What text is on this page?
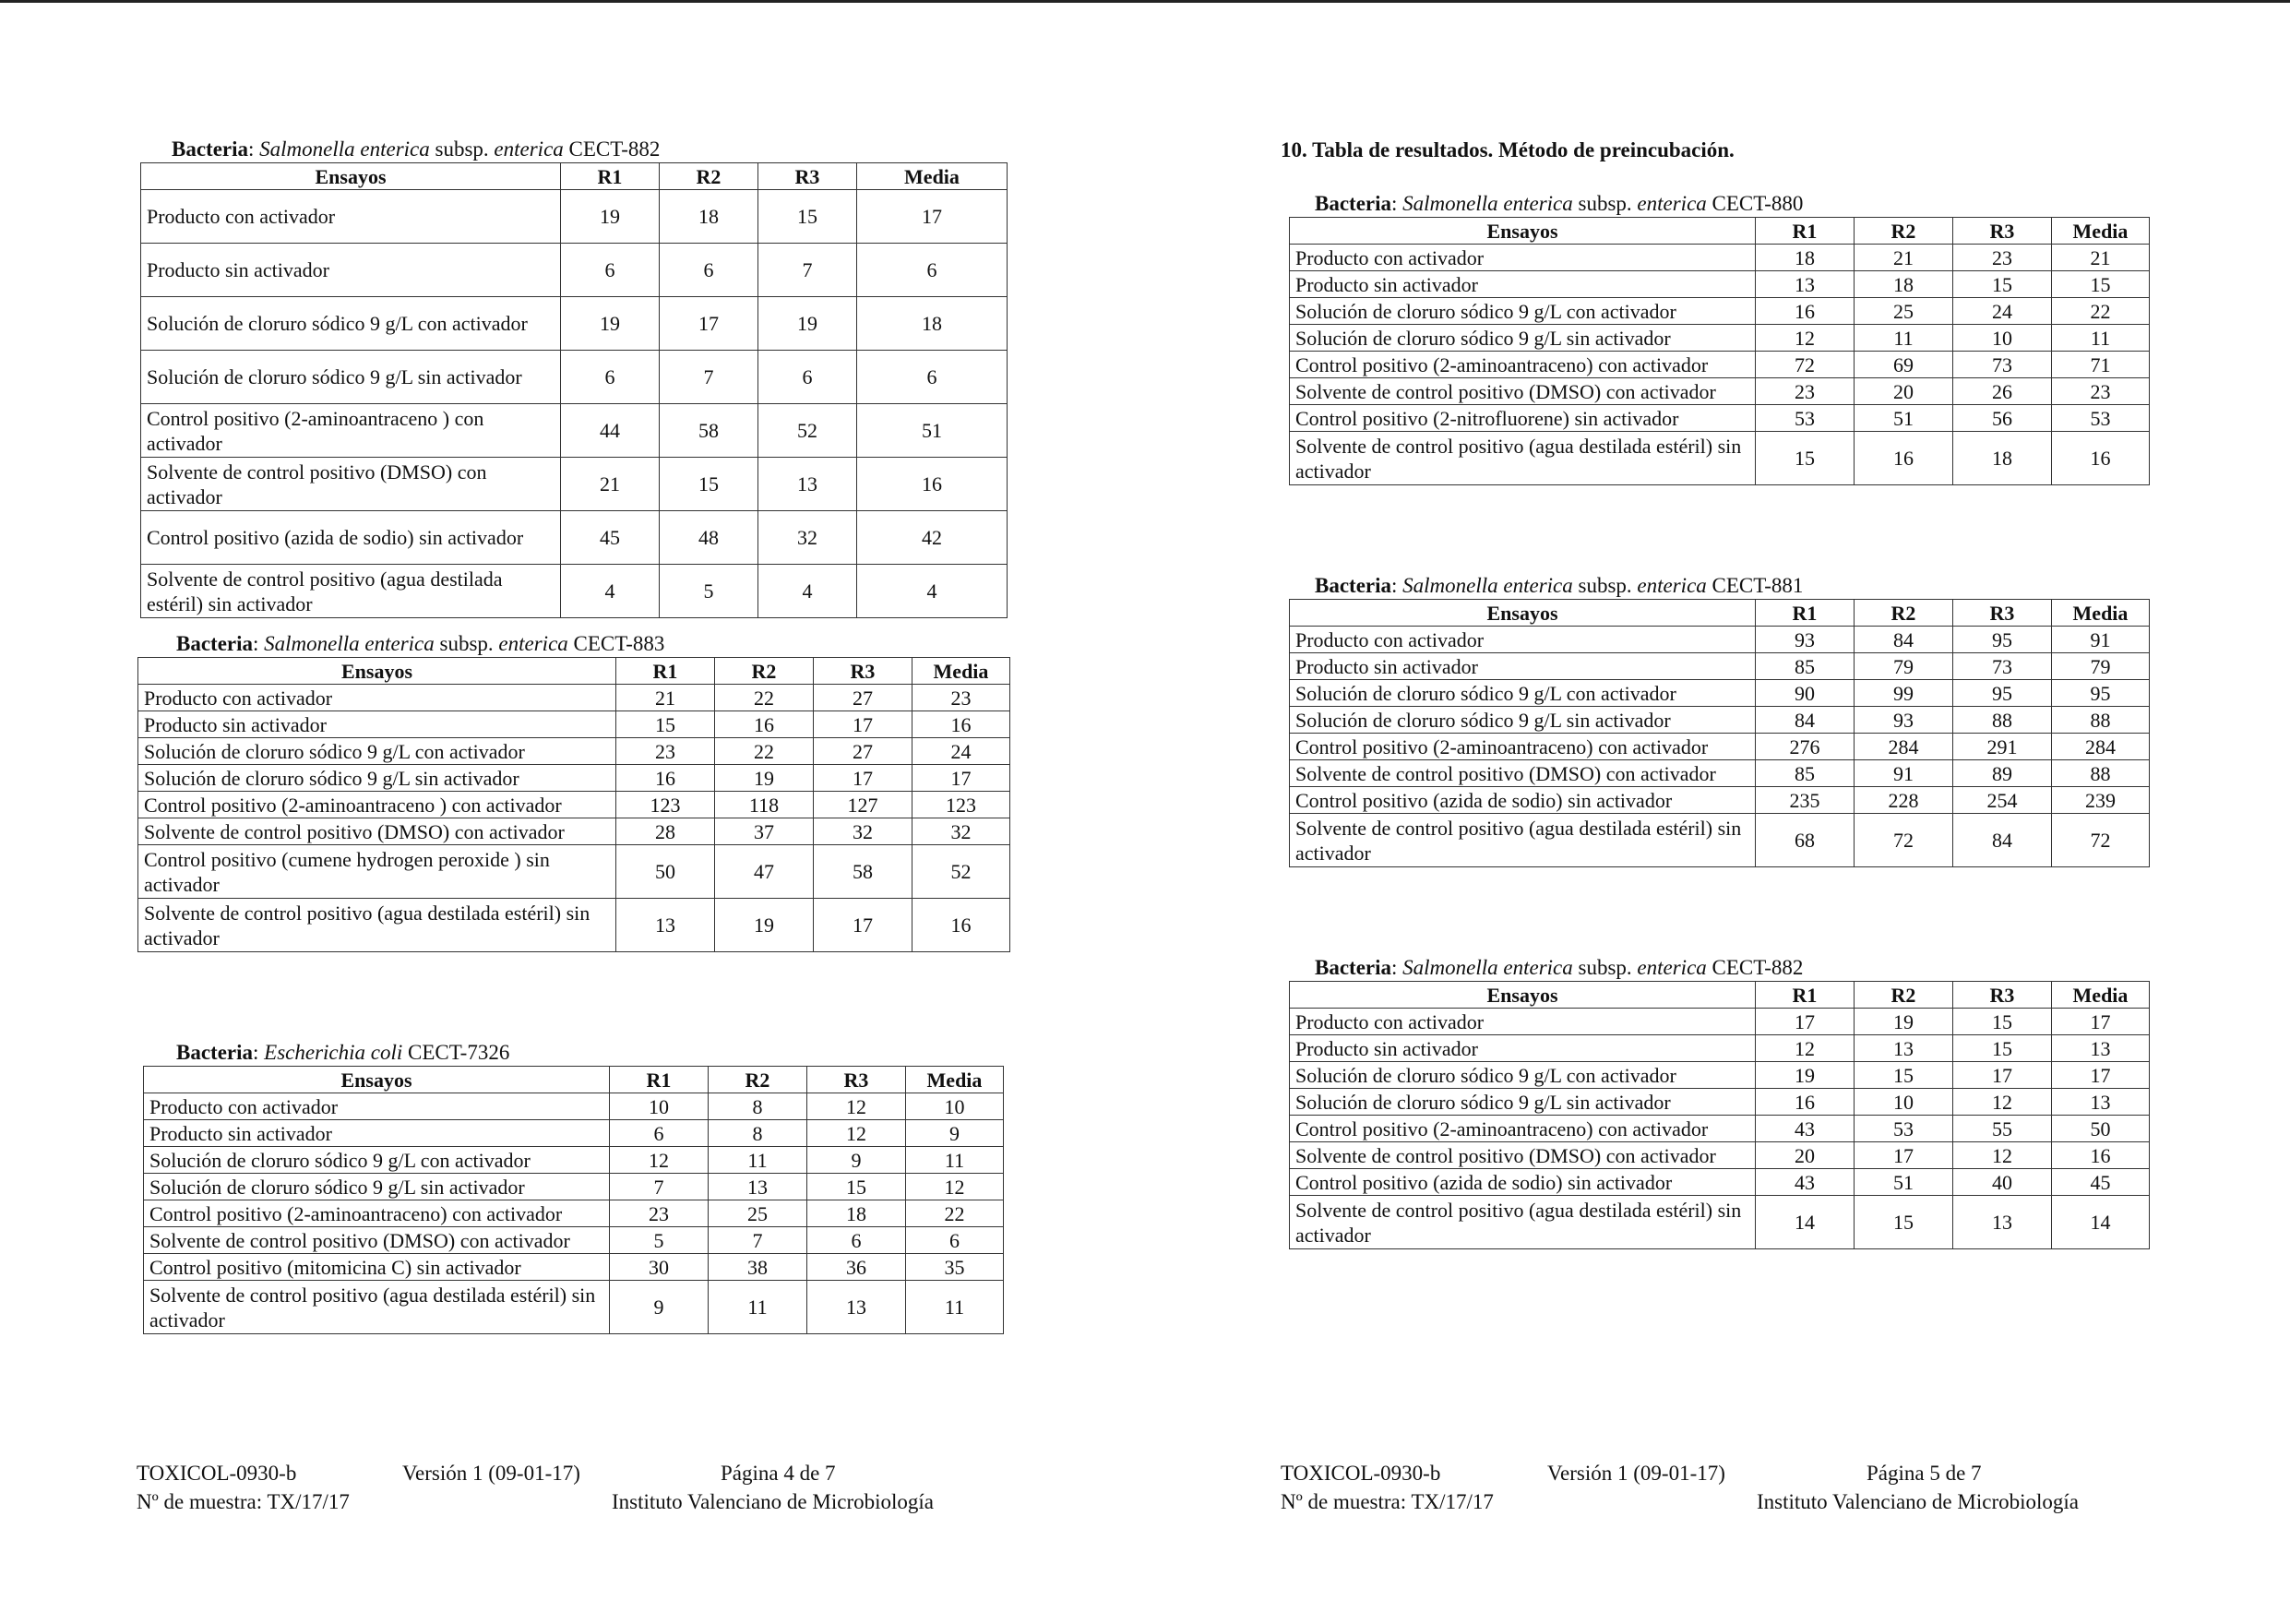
Bacteria: Salmonella enterica subsp. enterica CECT-882
Ensayos	R1	R2	R3	Media
Producto con activador	19	18	15	17
Producto sin activador	6	6	7	6
Solución de cloruro sódico 9 g/L con activador	19	17	19	18
Solución de cloruro sódico 9 g/L sin activador	6	7	6	6
Control positivo (2-aminoantraceno ) con activador	44	58	52	51
Solvente de control positivo (DMSO) con activador	21	15	13	16
Control positivo (azida de sodio) sin activador	45	48	32	42
Solvente de control positivo (agua destilada estéril) sin activador	4	5	4	4
Bacteria: Salmonella enterica subsp. enterica CECT-883
Ensayos	R1	R2	R3	Media
Producto con activador	21	22	27	23
Producto sin activador	15	16	17	16
Solución de cloruro sódico 9 g/L con activador	23	22	27	24
Solución de cloruro sódico 9 g/L sin activador	16	19	17	17
Control positivo (2-aminoantraceno ) con activador	123	118	127	123
Solvente de control positivo (DMSO) con activador	28	37	32	32
Control positivo (cumene hydrogen peroxide ) sin activador	50	47	58	52
Solvente de control positivo (agua destilada estéril) sin activador	13	19	17	16
Bacteria: Escherichia coli CECT-7326
Ensayos	R1	R2	R3	Media
Producto con activador	10	8	12	10
Producto sin activador	6	8	12	9
Solución de cloruro sódico 9 g/L con activador	12	11	9	11
Solución de cloruro sódico 9 g/L sin activador	7	13	15	12
Control positivo (2-aminoantraceno) con activador	23	25	18	22
Solvente de control positivo (DMSO) con activador	5	7	6	6
Control positivo (mitomicina C) sin activador	30	38	36	35
Solvente de control positivo (agua destilada estéril) sin activador	9	11	13	11
TOXICOL-0930-b	Versión 1 (09-01-17)	Página 4 de 7
Nº de muestra: TX/17/17	Instituto Valenciano de Microbiología
10. Tabla de resultados. Método de preincubación.
Bacteria: Salmonella enterica subsp. enterica CECT-880
Ensayos	R1	R2	R3	Media
Producto con activador	18	21	23	21
Producto sin activador	13	18	15	15
Solución de cloruro sódico 9 g/L con activador	16	25	24	22
Solución de cloruro sódico 9 g/L sin activador	12	11	10	11
Control positivo (2-aminoantraceno) con activador	72	69	73	71
Solvente de control positivo (DMSO) con activador	23	20	26	23
Control positivo (2-nitrofluorene) sin activador	53	51	56	53
Solvente de control positivo (agua destilada estéril) sin activador	15	16	18	16
Bacteria: Salmonella enterica subsp. enterica CECT-881
Ensayos	R1	R2	R3	Media
Producto con activador	93	84	95	91
Producto sin activador	85	79	73	79
Solución de cloruro sódico 9 g/L con activador	90	99	95	95
Solución de cloruro sódico 9 g/L sin activador	84	93	88	88
Control positivo (2-aminoantraceno) con activador	276	284	291	284
Solvente de control positivo (DMSO) con activador	85	91	89	88
Control positivo (azida de sodio) sin activador	235	228	254	239
Solvente de control positivo (agua destilada estéril) sin activador	68	72	84	72
Bacteria: Salmonella enterica subsp. enterica CECT-882
Ensayos	R1	R2	R3	Media
Producto con activador	17	19	15	17
Producto sin activador	12	13	15	13
Solución de cloruro sódico 9 g/L con activador	19	15	17	17
Solución de cloruro sódico 9 g/L sin activador	16	10	12	13
Control positivo (2-aminoantraceno) con activador	43	53	55	50
Solvente de control positivo (DMSO) con activador	20	17	12	16
Control positivo (azida de sodio) sin activador	43	51	40	45
Solvente de control positivo (agua destilada estéril) sin activador	14	15	13	14
TOXICOL-0930-b	Versión 1 (09-01-17)	Página 5 de 7
Nº de muestra: TX/17/17	Instituto Valenciano de Microbiología
